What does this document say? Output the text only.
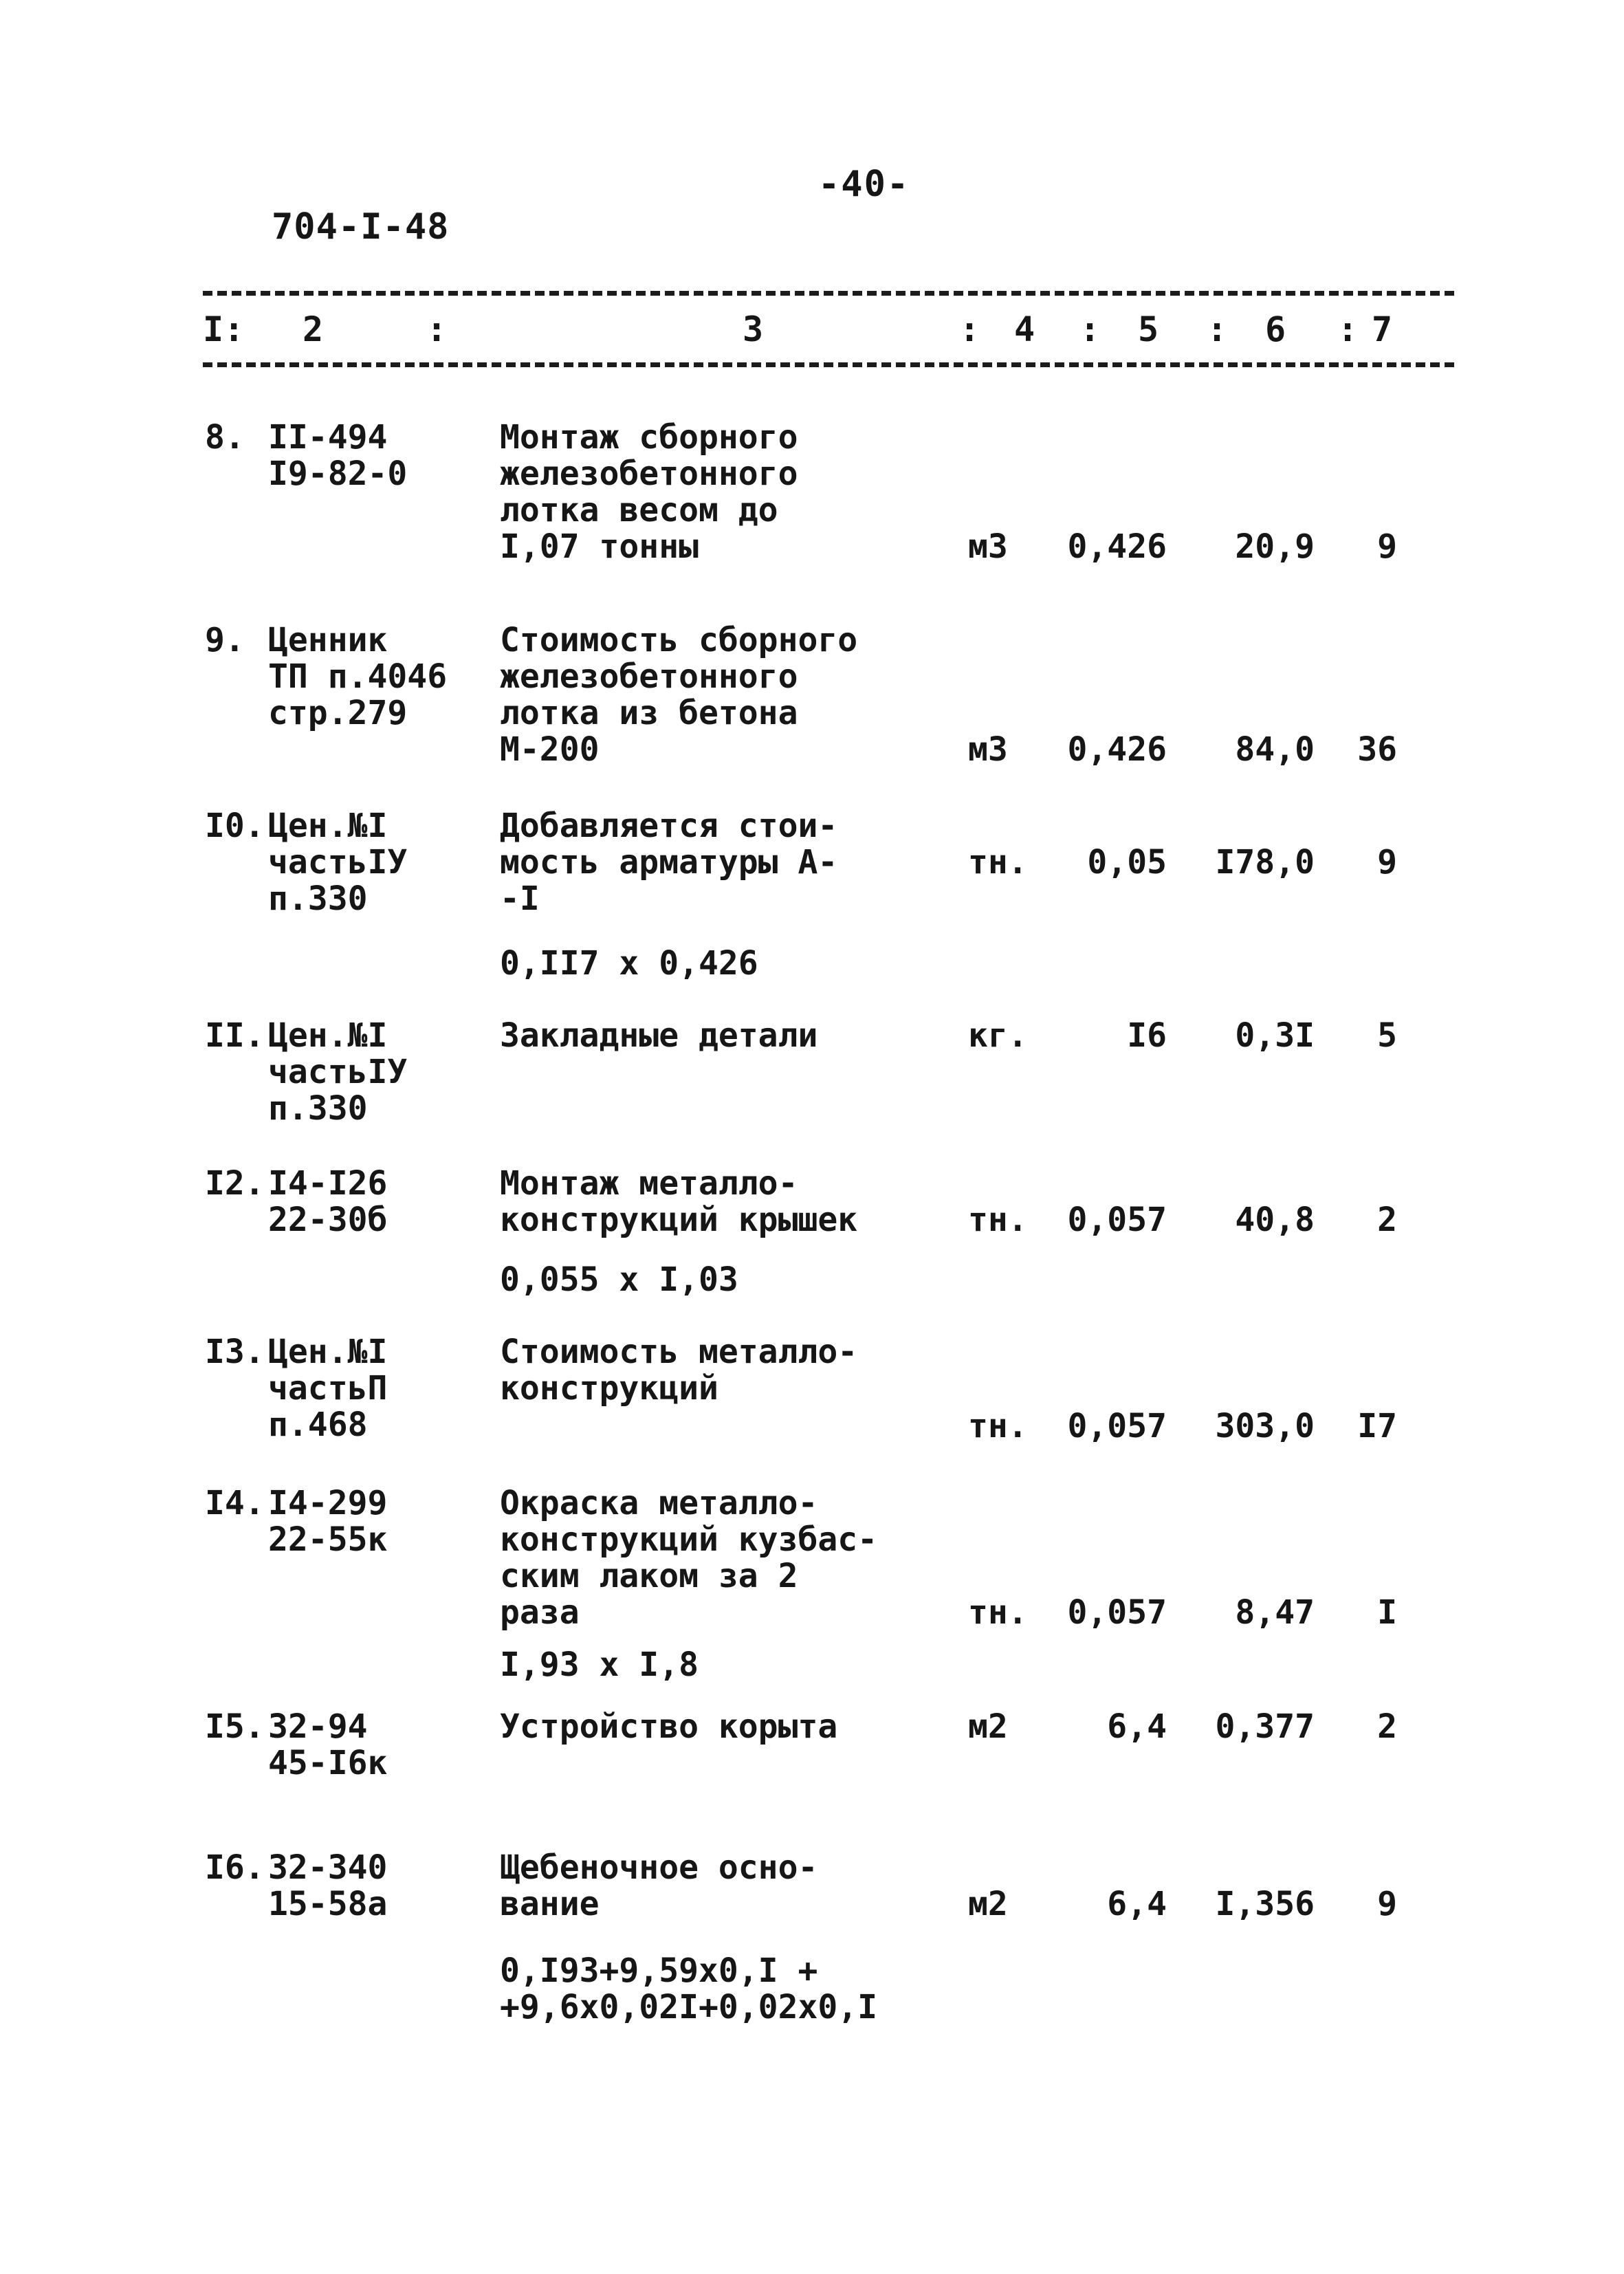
-40-
704-I-48
I: 2	:	3	: 4 : 5 : 6 : 7
8. II-494
I9-82-0
Монтаж сборного
железобетонного
лотка весом до
I,07 тонны	м3 0,426 20,9 9
9. Ценник
ТП п.4046
стр.279
Стоимость сборного
железобетонного
лотка из бетона
М-200	м3 0,426 84,0 36
I0. Цен.№I
частьIУ
п.330
Добавляется стои-
мость арматуры А-
-I
тн. 0,05 I78,0 9
0,II7 х 0,426
II. Цен.№I
частьIУ
п.330
Закладные детали	кг.	I6 0,3I 5
I2. I4-I26
22-30б
Монтаж металло-
конструкций крышек	тн. 0,057 40,8 2
0,055 х I,03
I3. Цен.№I
частьП
п.468
Стоимость металло-
конструкций
тн. 0,057 303,0 I7
I4. I4-299
22-55к
Окраска металло-
конструкций кузбас-
ским лаком за 2
раза	тн. 0,057 8,47 I
I,93 х I,8
I5. 32-94
45-I6к
Устройство корыта	м2	6,4 0,377 2
I6. 32-340
15-58а
Щебеночное осно-
вание	м2	6,4 I,356 9
0,I93+9,59х0,I +
+9,6х0,02I+0,02х0,I
